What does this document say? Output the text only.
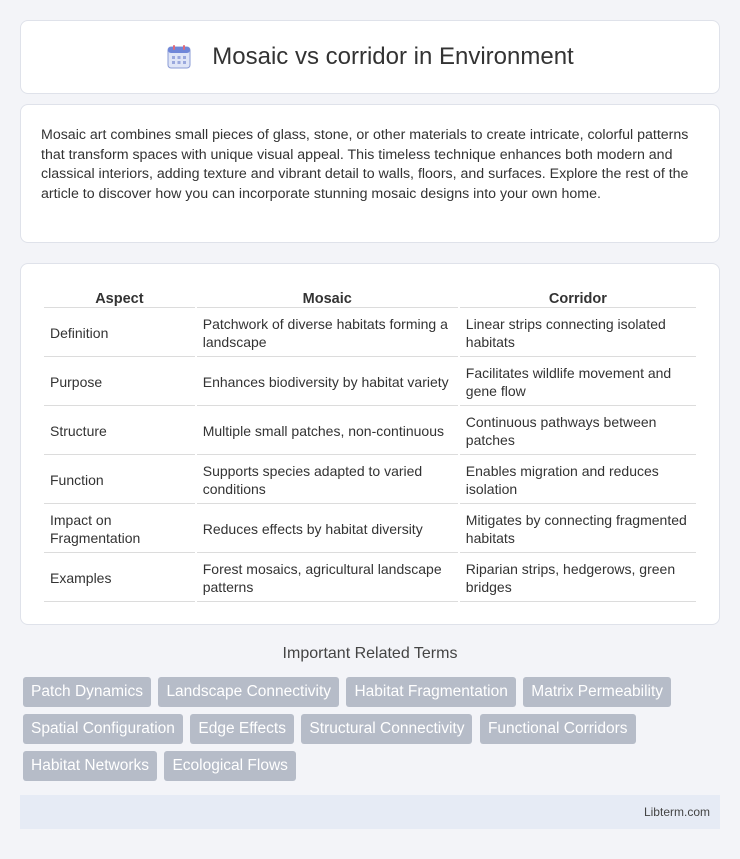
Mosaic vs corridor in Environment

Mosaic art combines small pieces of glass, stone, or other materials to create intricate, colorful patterns that transform spaces with unique visual appeal. This timeless technique enhances both modern and classical interiors, adding texture and vibrant detail to walls, floors, and surfaces. Explore the rest of the article to discover how you can incorporate stunning mosaic designs into your own home.

Aspect	Mosaic	Corridor
Definition	Patchwork of diverse habitats forming a landscape	Linear strips connecting isolated habitats
Purpose	Enhances biodiversity by habitat variety	Facilitates wildlife movement and gene flow
Structure	Multiple small patches, non-continuous	Continuous pathways between patches
Function	Supports species adapted to varied conditions	Enables migration and reduces isolation
Impact on Fragmentation	Reduces effects by habitat diversity	Mitigates by connecting fragmented habitats
Examples	Forest mosaics, agricultural landscape patterns	Riparian strips, hedgerows, green bridges
Important Related Terms
Patch Dynamics Landscape Connectivity Habitat Fragmentation Matrix Permeability Spatial Configuration Edge Effects Structural Connectivity Functional Corridors Habitat Networks Ecological Flows
Libterm.com
